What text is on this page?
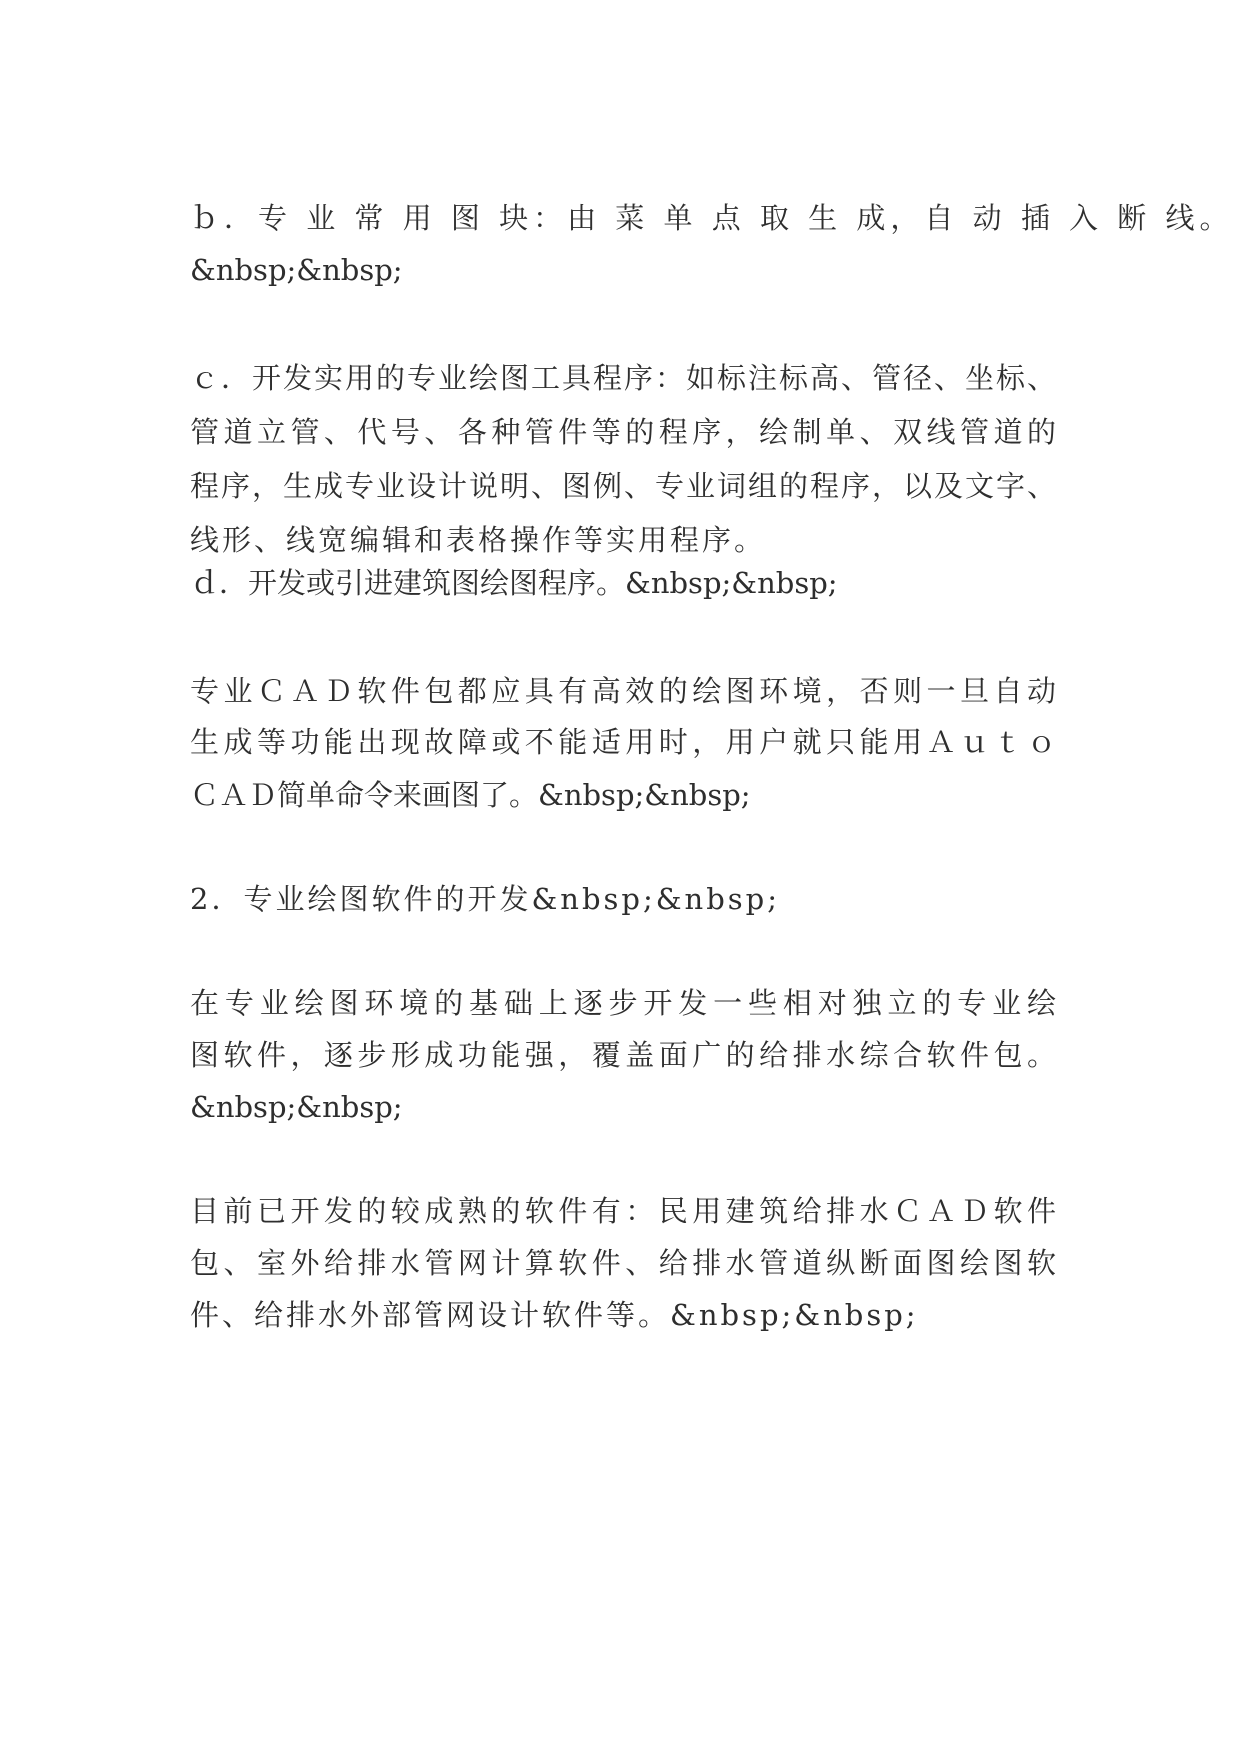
ｂ．专 业 常 用 图 块：由 菜 单 点 取 生 成，自 动 插 入 断 线。
&nbsp;&nbsp;
ｃ．开发实用的专业绘图工具程序：如标注标高、管径、坐标、
管道立管、代号、各种管件等的程序，绘制单、双线管道的
程序，生成专业设计说明、图例、专业词组的程序，以及文字、
线形、线宽编辑和表格操作等实用程序。
ｄ．开发或引进建筑图绘图程序。&nbsp;&nbsp;
专业ＣＡＤ软件包都应具有高效的绘图环境，否则一旦自动
生成等功能出现故障或不能适用时，用户就只能用Ａｕｔｏ
ＣＡＤ简单命令来画图了。&nbsp;&nbsp;
2．专业绘图软件的开发&nbsp;&nbsp;
在专业绘图环境的基础上逐步开发一些相对独立的专业绘
图软件，逐步形成功能强，覆盖面广的给排水综合软件包。
&nbsp;&nbsp;
目前已开发的较成熟的软件有：民用建筑给排水ＣＡＤ软件
包、室外给排水管网计算软件、给排水管道纵断面图绘图软
件、给排水外部管网设计软件等。&nbsp;&nbsp;
